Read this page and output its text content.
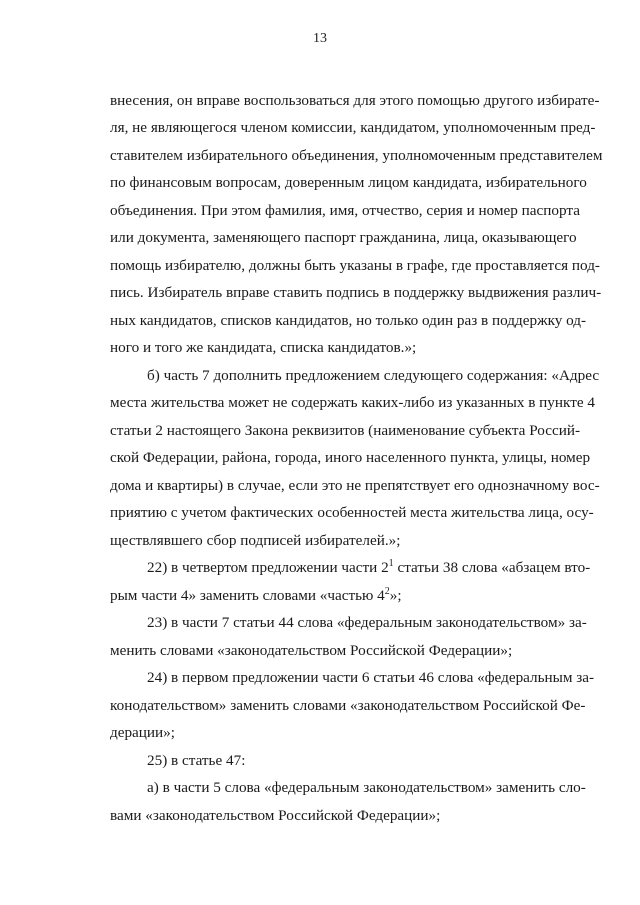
13
внесения, он вправе воспользоваться для этого помощью другого избирате-
ля, не являющегося членом комиссии, кандидатом, уполномоченным пред-
ставителем избирательного объединения, уполномоченным представителем
по финансовым вопросам, доверенным лицом кандидата, избирательного
объединения. При этом фамилия, имя, отчество, серия и номер паспорта
или документа, заменяющего паспорт гражданина, лица, оказывающего
помощь избирателю, должны быть указаны в графе, где проставляется под-
пись. Избиратель вправе ставить подпись в поддержку выдвижения различ-
ных кандидатов, списков кандидатов, но только один раз в поддержку од-
ного и того же кандидата, списка кандидатов.»;
б) часть 7 дополнить предложением следующего содержания: «Адрес
места жительства может не содержать каких-либо из указанных в пункте 4
статьи 2 настоящего Закона реквизитов (наименование субъекта Россий-
ской Федерации, района, города, иного населенного пункта, улицы, номер
дома и квартиры) в случае, если это не препятствует его однозначному вос-
приятию с учетом фактических особенностей места жительства лица, осу-
ществлявшего сбор подписей избирателей.»;
22) в четвертом предложении части $2^1$ статьи 38 слова «абзацем вто-
рым части 4» заменить словами «частью $4^2$»;
23) в части 7 статьи 44 слова «федеральным законодательством» за-
менить словами «законодательством Российской Федерации»;
24) в первом предложении части 6 статьи 46 слова «федеральным за-
конодательством» заменить словами «законодательством Российской Фе-
дерации»;
25) в статье 47:
а) в части 5 слова «федеральным законодательством» заменить сло-
вами «законодательством Российской Федерации»;
